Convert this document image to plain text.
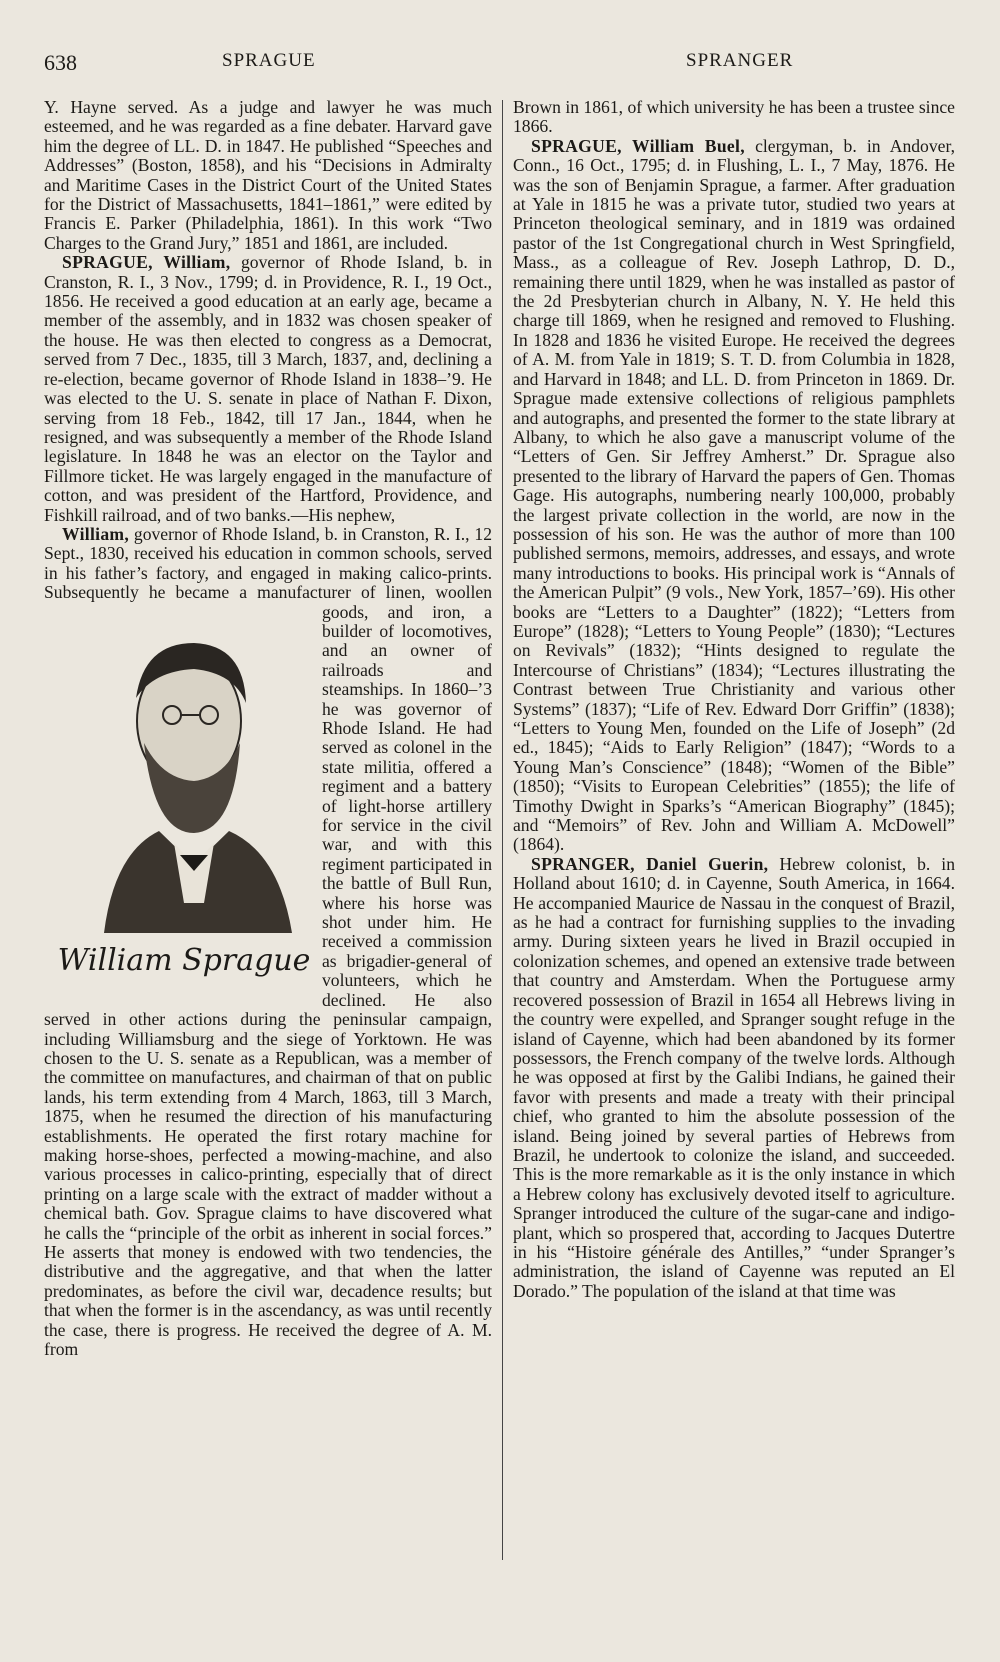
638	SPRAGUE	SPRANGER

Y. Hayne served. As a judge and lawyer he was much esteemed, and he was regarded as a fine debater. Harvard gave him the degree of LL. D. in 1847. He published “Speeches and Addresses” (Boston, 1858), and his “Decisions in Admiralty and Maritime Cases in the District Court of the United States for the District of Massachusetts, 1841–1861,” were edited by Francis E. Parker (Philadelphia, 1861). In this work “Two Charges to the Grand Jury,” 1851 and 1861, are included.

SPRAGUE, William, governor of Rhode Island, b. in Cranston, R. I., 3 Nov., 1799; d. in Providence, R. I., 19 Oct., 1856. He received a good education at an early age, became a member of the assembly, and in 1832 was chosen speaker of the house. He was then elected to congress as a Democrat, served from 7 Dec., 1835, till 3 March, 1837, and, declining a re-election, became governor of Rhode Island in 1838–’9. He was elected to the U. S. senate in place of Nathan F. Dixon, serving from 18 Feb., 1842, till 17 Jan., 1844, when he resigned, and was subsequently a member of the Rhode Island legislature. In 1848 he was an elector on the Taylor and Fillmore ticket. He was largely engaged in the manufacture of cotton, and was president of the Hartford, Providence, and Fishkill railroad, and of two banks.—His nephew,

William, governor of Rhode Island, b. in Cranston, R. I., 12 Sept., 1830, received his education in common schools, served in his father’s factory, and engaged in making calico-prints. Subsequently he became a manufacturer of linen, woollen goods,
and iron, a builder of locomotives, and an owner of railroads and steamships. In 1860–’3 he was governor of Rhode Island. He had served as colonel in the state militia, offered a regiment and a battery of light-horse artillery for service in the civil war, and with this regiment participated in the battle of Bull Run, where his horse was shot under him. He received a commission as brigadier-general of volunteers, which he declined. He also served in other actions during the peninsular campaign, including Williamsburg and the siege of Yorktown. He was chosen to the U. S. senate as a Republican, was a member of the committee on manufactures, and chairman of that on public lands, his term extending from 4 March, 1863, till 3 March, 1875, when he resumed the direction of his manufacturing establishments. He operated the first rotary machine for making horse-shoes, perfected a mowing-machine, and also various processes in calico-printing, especially that of direct printing on a large scale with the extract of madder without a chemical bath. Gov. Sprague claims to have discovered what he calls the “principle of the orbit as inherent in social forces.” He asserts that money is endowed with two tendencies, the distributive and the aggregative, and that when the latter predominates, as before the civil war, decadence results; but that when the former is in the ascendancy, as was until recently the case, there is progress. He received the degree of A. M. from

William Sprague

Brown in 1861, of which university he has been a trustee since 1866.

SPRAGUE, William Buel, clergyman, b. in Andover, Conn., 16 Oct., 1795; d. in Flushing, L. I., 7 May, 1876. He was the son of Benjamin Sprague, a farmer. After graduation at Yale in 1815 he was a private tutor, studied two years at Princeton theological seminary, and in 1819 was ordained pastor of the 1st Congregational church in West Springfield, Mass., as a colleague of Rev. Joseph Lathrop, D. D., remaining there until 1829, when he was installed as pastor of the 2d Presbyterian church in Albany, N. Y. He held this charge till 1869, when he resigned and removed to Flushing. In 1828 and 1836 he visited Europe. He received the degrees of A. M. from Yale in 1819; S. T. D. from Columbia in 1828, and Harvard in 1848; and LL. D. from Princeton in 1869. Dr. Sprague made extensive collections of religious pamphlets and autographs, and presented the former to the state library at Albany, to which he also gave a manuscript volume of the “Letters of Gen. Sir Jeffrey Amherst.” Dr. Sprague also presented to the library of Harvard the papers of Gen. Thomas Gage. His autographs, numbering nearly 100,000, probably the largest private collection in the world, are now in the possession of his son. He was the author of more than 100 published sermons, memoirs, addresses, and essays, and wrote many introductions to books. His principal work is “Annals of the American Pulpit” (9 vols., New York, 1857–’69). His other books are “Letters to a Daughter” (1822); “Letters from Europe” (1828); “Letters to Young People” (1830); “Lectures on Revivals” (1832); “Hints designed to regulate the Intercourse of Christians” (1834); “Lectures illustrating the Contrast between True Christianity and various other Systems” (1837); “Life of Rev. Edward Dorr Griffin” (1838); “Letters to Young Men, founded on the Life of Joseph” (2d ed., 1845); “Aids to Early Religion” (1847); “Words to a Young Man’s Conscience” (1848); “Women of the Bible” (1850); “Visits to European Celebrities” (1855); the life of Timothy Dwight in Sparks’s “American Biography” (1845); and “Memoirs” of Rev. John and William A. McDowell” (1864).

SPRANGER, Daniel Guerin, Hebrew colonist, b. in Holland about 1610; d. in Cayenne, South America, in 1664. He accompanied Maurice de Nassau in the conquest of Brazil, as he had a contract for furnishing supplies to the invading army. During sixteen years he lived in Brazil occupied in colonization schemes, and opened an extensive trade between that country and Amsterdam. When the Portuguese army recovered possession of Brazil in 1654 all Hebrews living in the country were expelled, and Spranger sought refuge in the island of Cayenne, which had been abandoned by its former possessors, the French company of the twelve lords. Although he was opposed at first by the Galibi Indians, he gained their favor with presents and made a treaty with their principal chief, who granted to him the absolute possession of the island. Being joined by several parties of Hebrews from Brazil, he undertook to colonize the island, and succeeded. This is the more remarkable as it is the only instance in which a Hebrew colony has exclusively devoted itself to agriculture. Spranger introduced the culture of the sugar-cane and indigo-plant, which so prospered that, according to Jacques Dutertre in his “Histoire générale des Antilles,” “under Spranger’s administration, the island of Cayenne was reputed an El Dorado.” The population of the island at that time was
